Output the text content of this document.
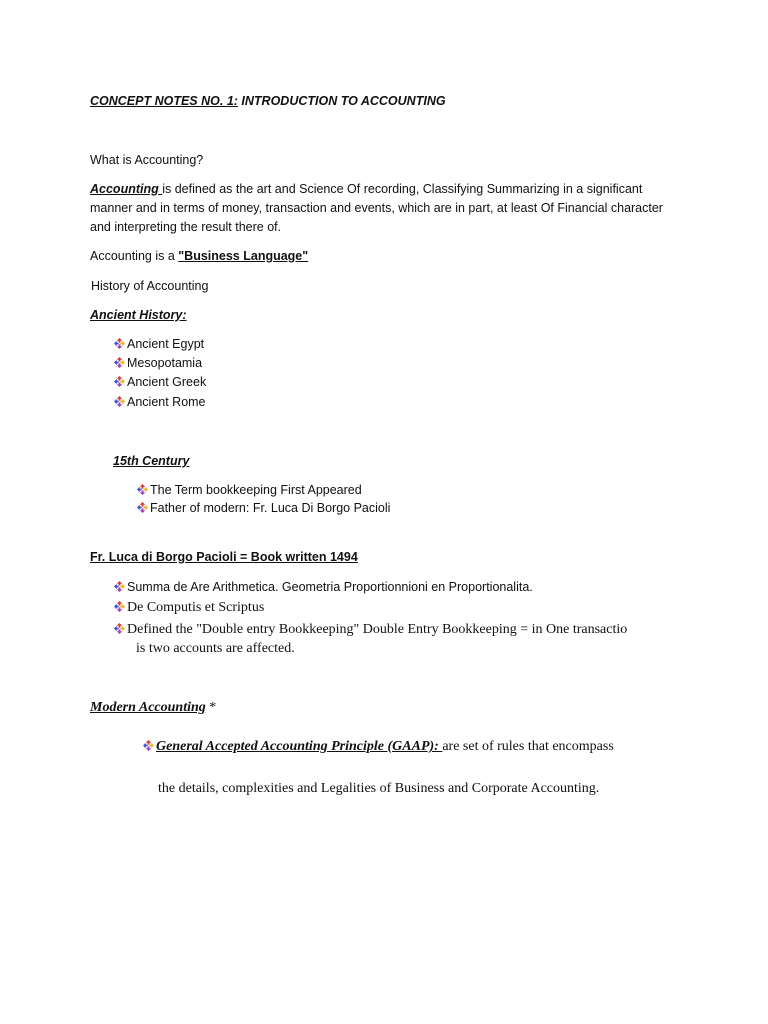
CONCEPT NOTES NO. 1: INTRODUCTION TO ACCOUNTING
What is Accounting?
Accounting is defined as the art and Science Of recording, Classifying Summarizing in a significant
manner and in terms of money, transaction and events, which are in part, at least Of Financial character
and interpreting the result there of.
Accounting is a "Business Language"
History of Accounting
Ancient History:
Ancient Egypt
Mesopotamia
Ancient Greek
Ancient Rome
15th Century
The Term bookkeeping First Appeared
Father of modern: Fr. Luca Di Borgo Pacioli
Fr. Luca di Borgo Pacioli = Book written 1494
Summa de Are Arithmetica. Geometria Proportionnioni en Proportionalita.
De Computis et Scriptus
Defined the "Double entry Bookkeeping" Double Entry Bookkeeping = in One transactio
is two accounts are affected.
Modern Accounting *
General Accepted Accounting Principle (GAAP): are set of rules that encompass
the details, complexities and Legalities of Business and Corporate Accounting.
